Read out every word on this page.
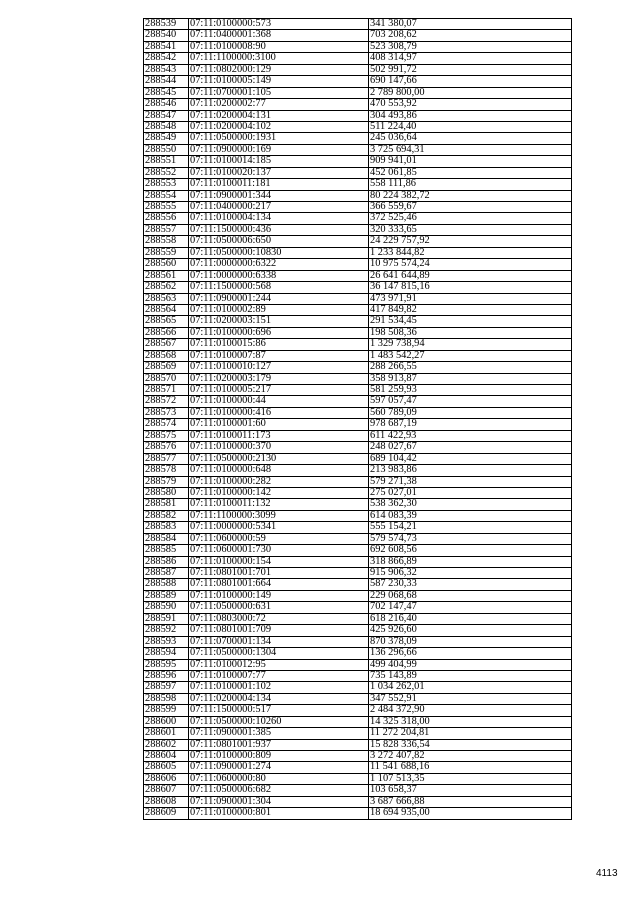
288539	07:11:0100000:573	341 380,07
288540	07:11:0400001:368	703 208,62
288541	07:11:0100008:90	523 308,79
288542	07:11:1100000:3100	408 314,97
288543	07:11:0802000:129	502 991,72
288544	07:11:0100005:149	690 147,66
288545	07:11:0700001:105	2 789 800,00
288546	07:11:0200002:77	470 553,92
288547	07:11:0200004:131	304 493,86
288548	07:11:0200004:102	511 224,40
288549	07:11:0500000:1931	245 036,64
288550	07:11:0900000:169	3 725 694,31
288551	07:11:0100014:185	909 941,01
288552	07:11:0100020:137	452 061,85
288553	07:11:0100011:181	558 111,86
288554	07:11:0900001:344	80 224 382,72
288555	07:11:0400000:217	366 559,67
288556	07:11:0100004:134	372 525,46
288557	07:11:1500000:436	320 333,65
288558	07:11:0500006:650	24 229 757,92
288559	07:11:0500000:10830	1 233 844,82
288560	07:11:0000000:6322	10 975 574,24
288561	07:11:0000000:6338	26 641 644,89
288562	07:11:1500000:568	36 147 815,16
288563	07:11:0900001:244	473 971,91
288564	07:11:0100002:89	417 849,82
288565	07:11:0200003:151	291 534,45
288566	07:11:0100000:696	198 508,36
288567	07:11:0100015:86	1 329 738,94
288568	07:11:0100007:87	1 483 542,27
288569	07:11:0100010:127	288 266,55
288570	07:11:0200003:179	358 913,87
288571	07:11:0100005:217	581 259,93
288572	07:11:0100000:44	597 057,47
288573	07:11:0100000:416	560 789,09
288574	07:11:0100001:60	978 687,19
288575	07:11:0100011:173	611 422,93
288576	07:11:0100000:370	248 027,67
288577	07:11:0500000:2130	689 104,42
288578	07:11:0100000:648	213 983,86
288579	07:11:0100000:282	579 271,38
288580	07:11:0100000:142	275 027,01
288581	07:11:0100011:132	538 362,30
288582	07:11:1100000:3099	614 083,39
288583	07:11:0000000:5341	555 154,21
288584	07:11:0600000:59	579 574,73
288585	07:11:0600001:730	692 608,56
288586	07:11:0100000:154	318 866,89
288587	07:11:0801001:701	915 906,32
288588	07:11:0801001:664	587 230,33
288589	07:11:0100000:149	229 068,68
288590	07:11:0500000:631	702 147,47
288591	07:11:0803000:72	618 216,40
288592	07:11:0801001:709	425 926,60
288593	07:11:0700001:134	870 378,09
288594	07:11:0500000:1304	136 296,66
288595	07:11:0100012:95	499 404,99
288596	07:11:0100007:77	735 143,89
288597	07:11:0100001:102	1 034 262,01
288598	07:11:0200004:134	347 552,91
288599	07:11:1500000:517	2 484 372,90
288600	07:11:0500000:10260	14 325 318,00
288601	07:11:0900001:385	11 272 204,81
288602	07:11:0801001:937	15 828 336,54
288604	07:11:0100000:809	3 272 407,82
288605	07:11:0900001:274	11 541 688,16
288606	07:11:0600000:80	1 107 513,35
288607	07:11:0500006:682	103 658,37
288608	07:11:0900001:304	3 687 666,88
288609	07:11:0100000:801	18 694 935,00
4113
